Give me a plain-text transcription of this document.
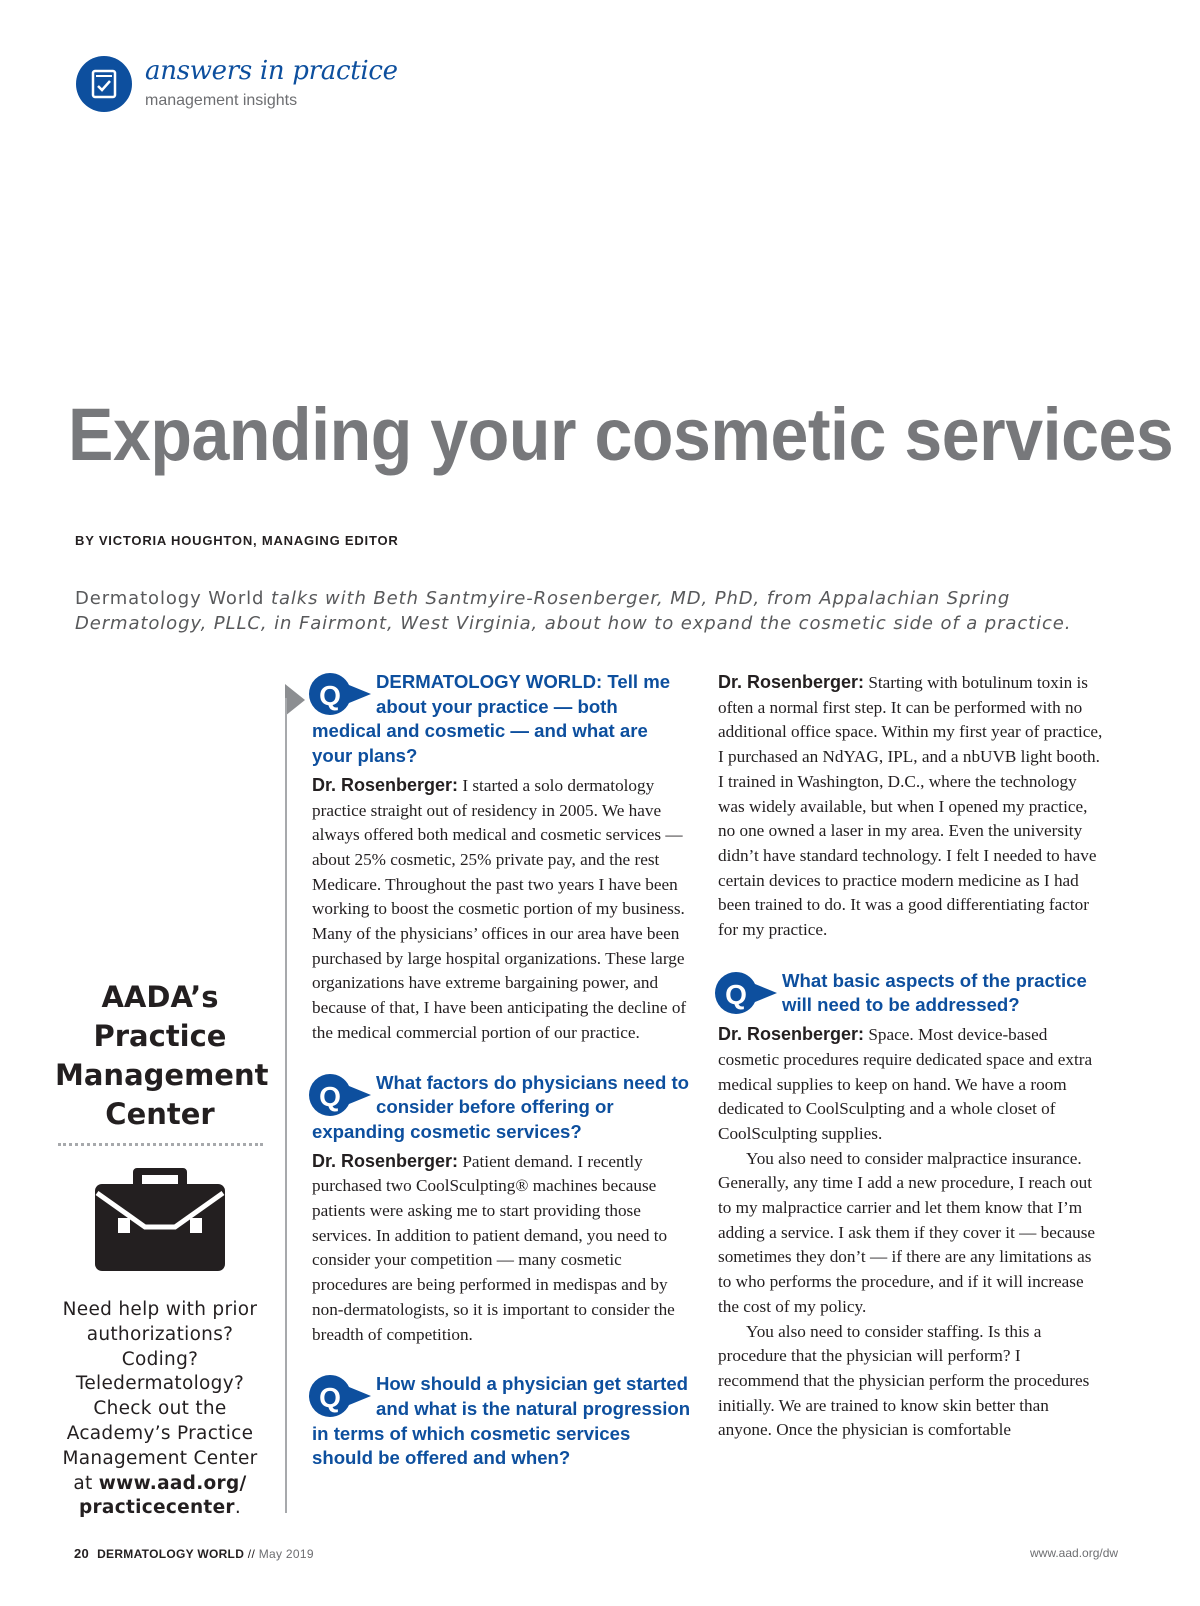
answers in practice
management insights
Expanding your cosmetic services
BY VICTORIA HOUGHTON, MANAGING EDITOR
Dermatology World talks with Beth Santmyire-Rosenberger, MD, PhD, from Appalachian Spring Dermatology, PLLC, in Fairmont, West Virginia, about how to expand the cosmetic side of a practice.
AADA’s Practice Management Center
Need help with prior authorizations? Coding? Teledermatology? Check out the Academy’s Practice Management Center at www.aad.org/ practicecenter.
Q DERMATOLOGY WORLD: Tell me about your practice — both medical and cosmetic — and what are your plans?

Dr. Rosenberger: I started a solo dermatology practice straight out of residency in 2005. We have always offered both medical and cosmetic services — about 25% cosmetic, 25% private pay, and the rest Medicare. Throughout the past two years I have been working to boost the cosmetic portion of my business. Many of the physicians’ offices in our area have been purchased by large hospital organizations. These large organizations have extreme bargaining power, and because of that, I have been anticipating the decline of the medical commercial portion of our practice.

Q What factors do physicians need to consider before offering or expanding cosmetic services?

Dr. Rosenberger: Patient demand. I recently purchased two CoolSculpting® machines because patients were asking me to start providing those services. In addition to patient demand, you need to consider your competition — many cosmetic procedures are being performed in medispas and by non-dermatologists, so it is important to consider the breadth of competition.

Q How should a physician get started and what is the natural progression in terms of which cosmetic services should be offered and when?

Dr. Rosenberger: Starting with botulinum toxin is often a normal first step. It can be performed with no additional office space. Within my first year of practice, I purchased an NdYAG, IPL, and a nbUVB light booth. I trained in Washington, D.C., where the technology was widely available, but when I opened my practice, no one owned a laser in my area. Even the university didn’t have standard technology. I felt I needed to have certain devices to practice modern medicine as I had been trained to do. It was a good differentiating factor for my practice.

Q What basic aspects of the practice will need to be addressed?

Dr. Rosenberger: Space. Most device-based cosmetic procedures require dedicated space and extra medical supplies to keep on hand. We have a room dedicated to CoolSculpting and a whole closet of CoolSculpting supplies.

You also need to consider malpractice insurance. Generally, any time I add a new procedure, I reach out to my malpractice carrier and let them know that I’m adding a service. I ask them if they cover it — because sometimes they don’t — if there are any limitations as to who performs the procedure, and if it will increase the cost of my policy.

You also need to consider staffing. Is this a procedure that the physician will perform? I recommend that the physician perform the procedures initially. We are trained to know skin better than anyone. Once the physician is comfortable

20 DERMATOLOGY WORLD // May 2019	www.aad.org/dw
